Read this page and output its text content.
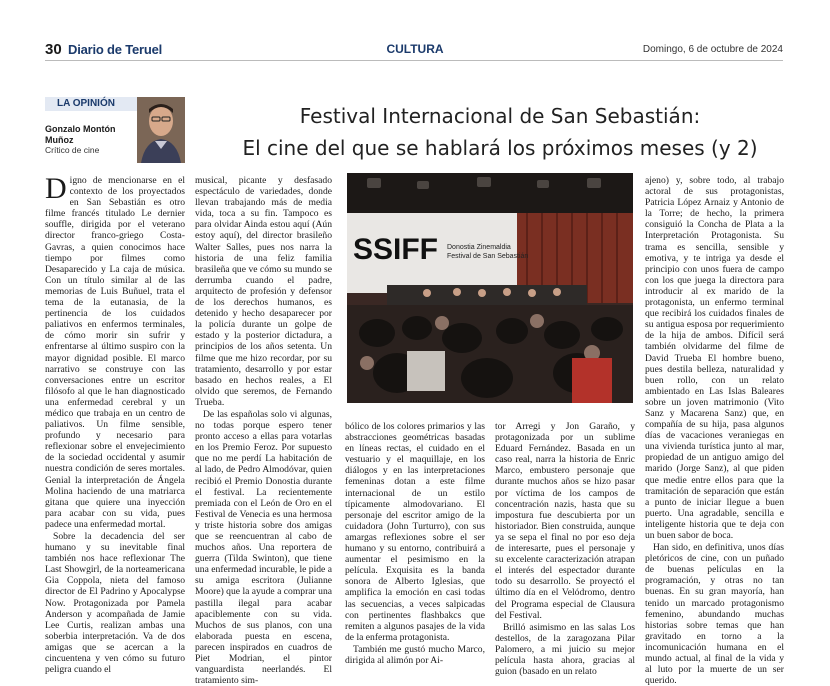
30 Diario de Teruel	CULTURA	Domingo, 6 de octubre de 2024
LA OPINIÓN
Gonzalo Montón
Muñoz
Crítico de cine
Festival Internacional de San Sebastián:
El cine del que se hablará los próximos meses (y 2)

Digno de mencionarse en el contexto de los proyectados en San Sebastián es otro filme francés titulado Le dernier souffle, dirigida por el veterano director franco-griego Costa-Gavras, a quien conocimos hace tiempo por filmes como Desaparecido y La caja de música. Con un título similar al de las memorias de Luis Buñuel, trata el tema de la eutanasia, de la pertinencia de los cuidados paliativos en enfermos terminales, de cómo morir sin sufrir y enfrentarse al último suspiro con la mayor dignidad posible. El marco narrativo se construye con las conversaciones entre un escritor filósofo al que le han diagnosticado una enfermedad cerebral y un médico que trabaja en un centro de paliativos. Un filme sensible, profundo y necesario para reflexionar sobre el envejecimiento de la sociedad occidental y asumir nuestra condición de seres mortales. Genial la interpretación de Ángela Molina haciendo de una matriarca gitana que quiere una inyección para acabar con su vida, pues padece una enfermedad mortal.

Sobre la decadencia del ser humano y su inevitable final también nos hace reflexionar The Last Showgirl, de la norteamericana Gia Coppola, nieta del famoso director de El Padrino y Apocalypse Now. Protagonizada por Pamela Anderson y acompañada de Jamie Lee Curtis, realizan ambas una soberbia interpretación. Va de dos amigas que se acercan a la cincuentena y ven cómo su futuro peligra cuando el

musical, picante y desfasado espectáculo de variedades, donde llevan trabajando más de media vida, toca a su fin. Tampoco es para olvidar Ainda estou aquí (Aún estoy aquí), del director brasileño Walter Salles, pues nos narra la historia de una feliz familia brasileña que ve cómo su mundo se derrumba cuando el padre, arquitecto de profesión y defensor de los derechos humanos, es detenido y hecho desaparecer por la policía durante un golpe de estado y la posterior dictadura, a principios de los años setenta. Un filme que me hizo recordar, por su tratamiento, desarrollo y por estar basado en hechos reales, a El olvido que seremos, de Fernando Trueba.

De las españolas solo vi algunas, no todas porque espero tener pronto acceso a ellas para votarlas en los Premio Feroz. Por supuesto que no me perdí La habitación de al lado, de Pedro Almodóvar, quien recibió el Premio Donostia durante el festival. La recientemente premiada con el León de Oro en el Festival de Venecia es una hermosa y triste historia sobre dos amigas que se reencuentran al cabo de muchos años. Una reportera de guerra (Tilda Swinton), que tiene una enfermedad incurable, le pide a su amiga escritora (Julianne Moore) que la ayude a comprar una pastilla ilegal para acabar apaciblemente con su vida. Muchos de sus planos, con una elaborada puesta en escena, parecen inspirados en cuadros de Piet Modrian, el pintor vanguardista neerlandés. El tratamiento sim-

SSIFF Donostia Zinemaldia
Festival de San Sebastián

bólico de los colores primarios y las abstracciones geométricas basadas en líneas rectas, el cuidado en el vestuario y el maquillaje, en los diálogos y en las interpretaciones femeninas dotan a este filme internacional de un estilo típicamente almodovariano. El personaje del escritor amigo de la cuidadora (John Turturro), con sus amargas reflexiones sobre el ser humano y su entorno, contribuirá a aumentar el pesimismo en la película. Exquisita es la banda sonora de Alberto Iglesias, que amplifica la emoción en casi todas las secuencias, a veces salpicadas con pertinentes flashbakcs que remiten a algunos pasajes de la vida de la enferma protagonista.

También me gustó mucho Marco, dirigida al alimón por Ai-

tor Arregi y Jon Garaño, y protagonizada por un sublime Eduard Fernández. Basada en un caso real, narra la historia de Enric Marco, embustero personaje que durante muchos años se hizo pasar por víctima de los campos de concentración nazis, hasta que su impostura fue descubierta por un historiador. Bien construida, aunque ya se sepa el final no por eso deja de interesarte, pues el personaje y su excelente caracterización atrapan el interés del espectador durante todo su desarrollo. Se proyectó el último día en el Velódromo, dentro del Programa especial de Clausura del Festival.

Brilló asimismo en las salas Los destellos, de la zaragozana Pilar Palomero, a mi juicio su mejor película hasta ahora, gracias al guion (basado en un relato

ajeno) y, sobre todo, al trabajo actoral de sus protagonistas, Patricia López Arnaiz y Antonio de la Torre; de hecho, la primera consiguió la Concha de Plata a la Interpretación Protagonista. Su trama es sencilla, sensible y emotiva, y te intriga ya desde el principio con unos fuera de campo con los que juega la directora para introducir al ex marido de la protagonista, un enfermo terminal que recibirá los cuidados finales de su antigua esposa por requerimiento de la hija de ambos. Difícil será también olvidarme del filme de David Trueba El hombre bueno, pues destila belleza, naturalidad y buen rollo, con un relato ambientado en Las Islas Baleares sobre un joven matrimonio (Vito Sanz y Macarena Sanz) que, en compañía de su hija, pasa algunos días de vacaciones veraniegas en una vivienda turística junto al mar, propiedad de un antiguo amigo del marido (Jorge Sanz), al que piden que medie entre ellos para que la tramitación de separación que están a punto de iniciar llegue a buen puerto. Una agradable, sencilla e inteligente historia que te deja con un buen sabor de boca.

Han sido, en definitiva, unos días pletóricos de cine, con un puñado de buenas películas en la programación, y otras no tan buenas. En su gran mayoría, han tenido un marcado protagonismo femenino, abundando muchas historias sobre temas que han gravitado en torno a la incomunicación humana en el mundo actual, al final de la vida y al luto por la muerte de un ser querido.
